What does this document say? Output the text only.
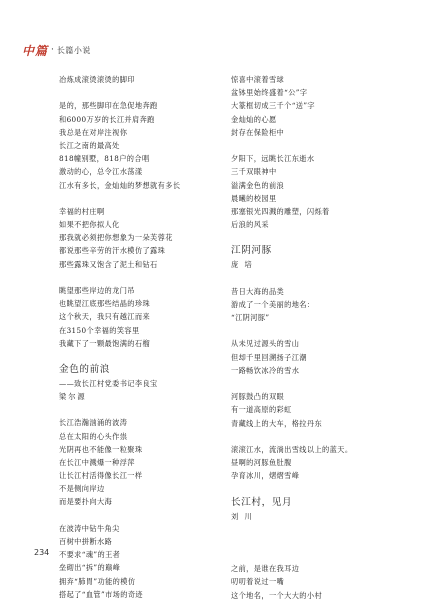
中篇 · 长篇小说
冶炼成滚烫滚烫的脚印
是的，那些脚印在急促地奔跑
和6000万岁的长江并肩奔跑
我总是在对岸注视你
长江之南的最高处
818幢别墅，818户的合唱
激动的心，总令江水荡漾
江水有多长，金灿灿的梦想就有多长
幸福的村庄啊
如果不把你拟人化
那我就必须把你想象为一朵芙蓉花
都说那些辛劳的汗水模仿了露珠
那些露珠又饱含了泥土和钻石
眺望那些岸边的龙门吊
也眺望江底那些结晶的珍珠
这个秋天，我只有越江而来
在3150个幸福的笑容里
我藏下了一颗最饱满的石榴
金色的前浪
——致长江村党委书记李良宝
梁尔源
长江浩瀚汹涌的波涛
总在太阳的心头作祟
光阴再也不能像一粒聚珠
在长江中溅爆一种浮萍
让长江村活得像长江一样
不是侧向岸边
而是要扑向大海
在波涛中钻牛角尖
百树中拼断水路
不要求“魂”的王者
垒砌出“拆”的巅峰
拥弃“肺胃”功能的模仿
搭起了“血管”市场的奇迹
惊喜中滚着雪球
盆钵里始终盛着“公”字
大篆框切成三千个“送”字
金灿灿的心愿
封存在保险柜中
夕阳下，远眺长江东逝水
三千双眼神中
溢满金色的前浪
晨曦的校园里
那塞银光四溅的雕塑，闪烁着
后浪的风采
江阴河豚
庞 培
昔日大海的品类
游成了一个美丽的地名：
“江阴河豚”
从未见过源头的雪山
但却千里回溯扬子江潮
一路畅饮冰冷的雪水
河豚鼓凸的双眼
有一道高原的彩虹
青藏线上的大车，格拉丹东
滚滚江水，流淌出雪线以上的蓝天。
昼啊的河豚鱼肚腹
孕育冰川，熠熠雪峰
长江村，见月
刘 川
之前，是谁在我耳边
叨叨着说过一嘴
这个地名，一个大大的小村
234
